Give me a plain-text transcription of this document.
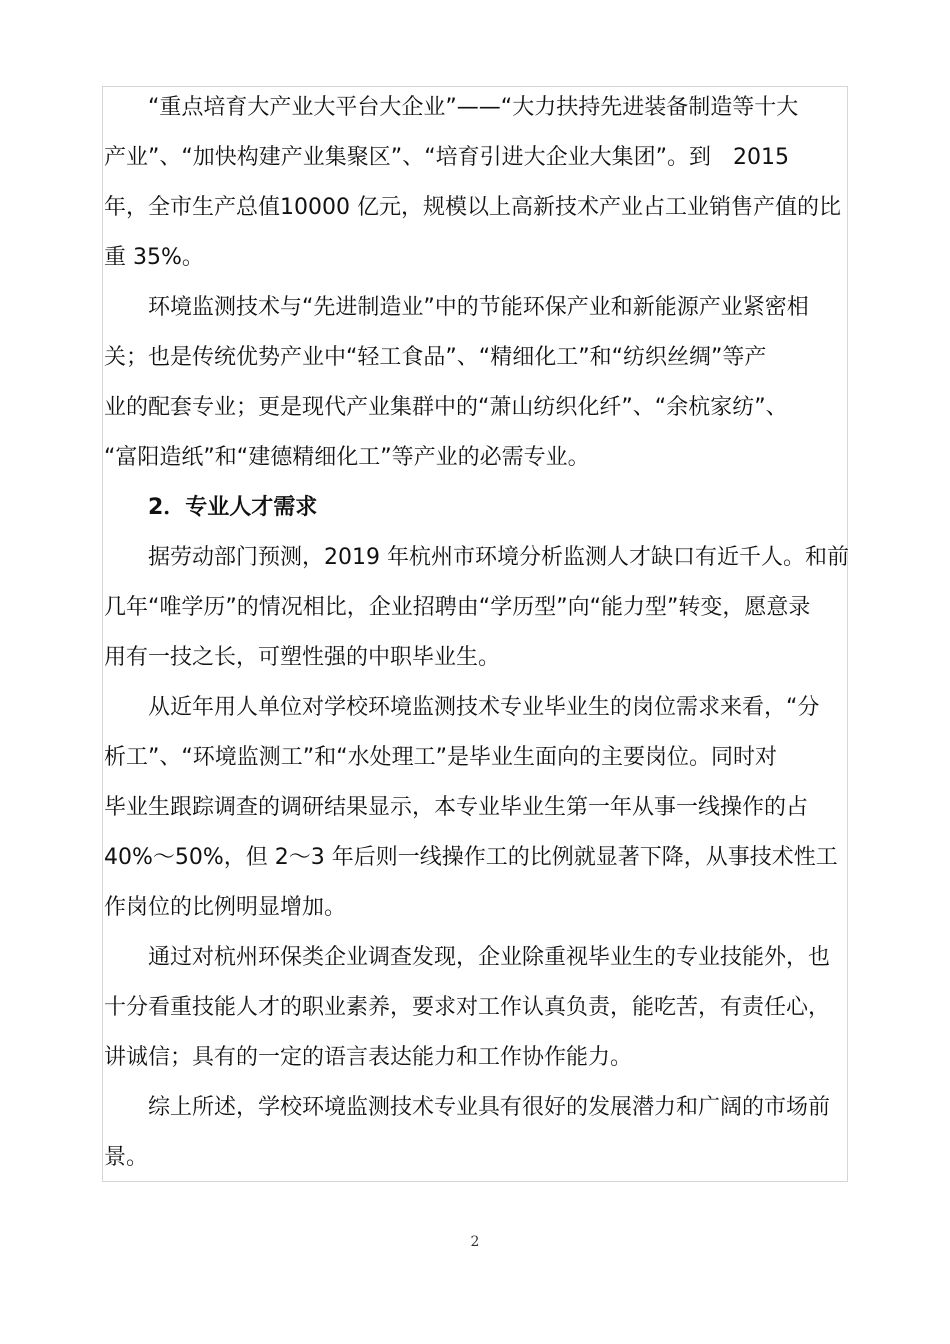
“重点培育大产业大平台大企业”——“大力扶持先进装备制造等十大
产业”、“加快构建产业集聚区”、“培育引进大企业大集团”。到　2015
年，全市生产总值10000 亿元，规模以上高新技术产业占工业销售产值的比
重 35%。
环境监测技术与“先进制造业”中的节能环保产业和新能源产业紧密相
关；也是传统优势产业中“轻工食品”、“精细化工”和“纺织丝绸”等产
业的配套专业；更是现代产业集群中的“萧山纺织化纤”、“余杭家纺”、
“富阳造纸”和“建德精细化工”等产业的必需专业。
2．专业人才需求
据劳动部门预测，2019 年杭州市环境分析监测人才缺口有近千人。和前
几年“唯学历”的情况相比，企业招聘由“学历型”向“能力型”转变，愿意录
用有一技之长，可塑性强的中职毕业生。
从近年用人单位对学校环境监测技术专业毕业生的岗位需求来看，“分
析工”、“环境监测工”和“水处理工”是毕业生面向的主要岗位。同时对
毕业生跟踪调查的调研结果显示，本专业毕业生第一年从事一线操作的占
40%～50%，但 2～3 年后则一线操作工的比例就显著下降，从事技术性工
作岗位的比例明显增加。
通过对杭州环保类企业调查发现，企业除重视毕业生的专业技能外，也
十分看重技能人才的职业素养，要求对工作认真负责，能吃苦，有责任心，
讲诚信；具有的一定的语言表达能力和工作协作能力。
综上所述，学校环境监测技术专业具有很好的发展潜力和广阔的市场前
景。
2
